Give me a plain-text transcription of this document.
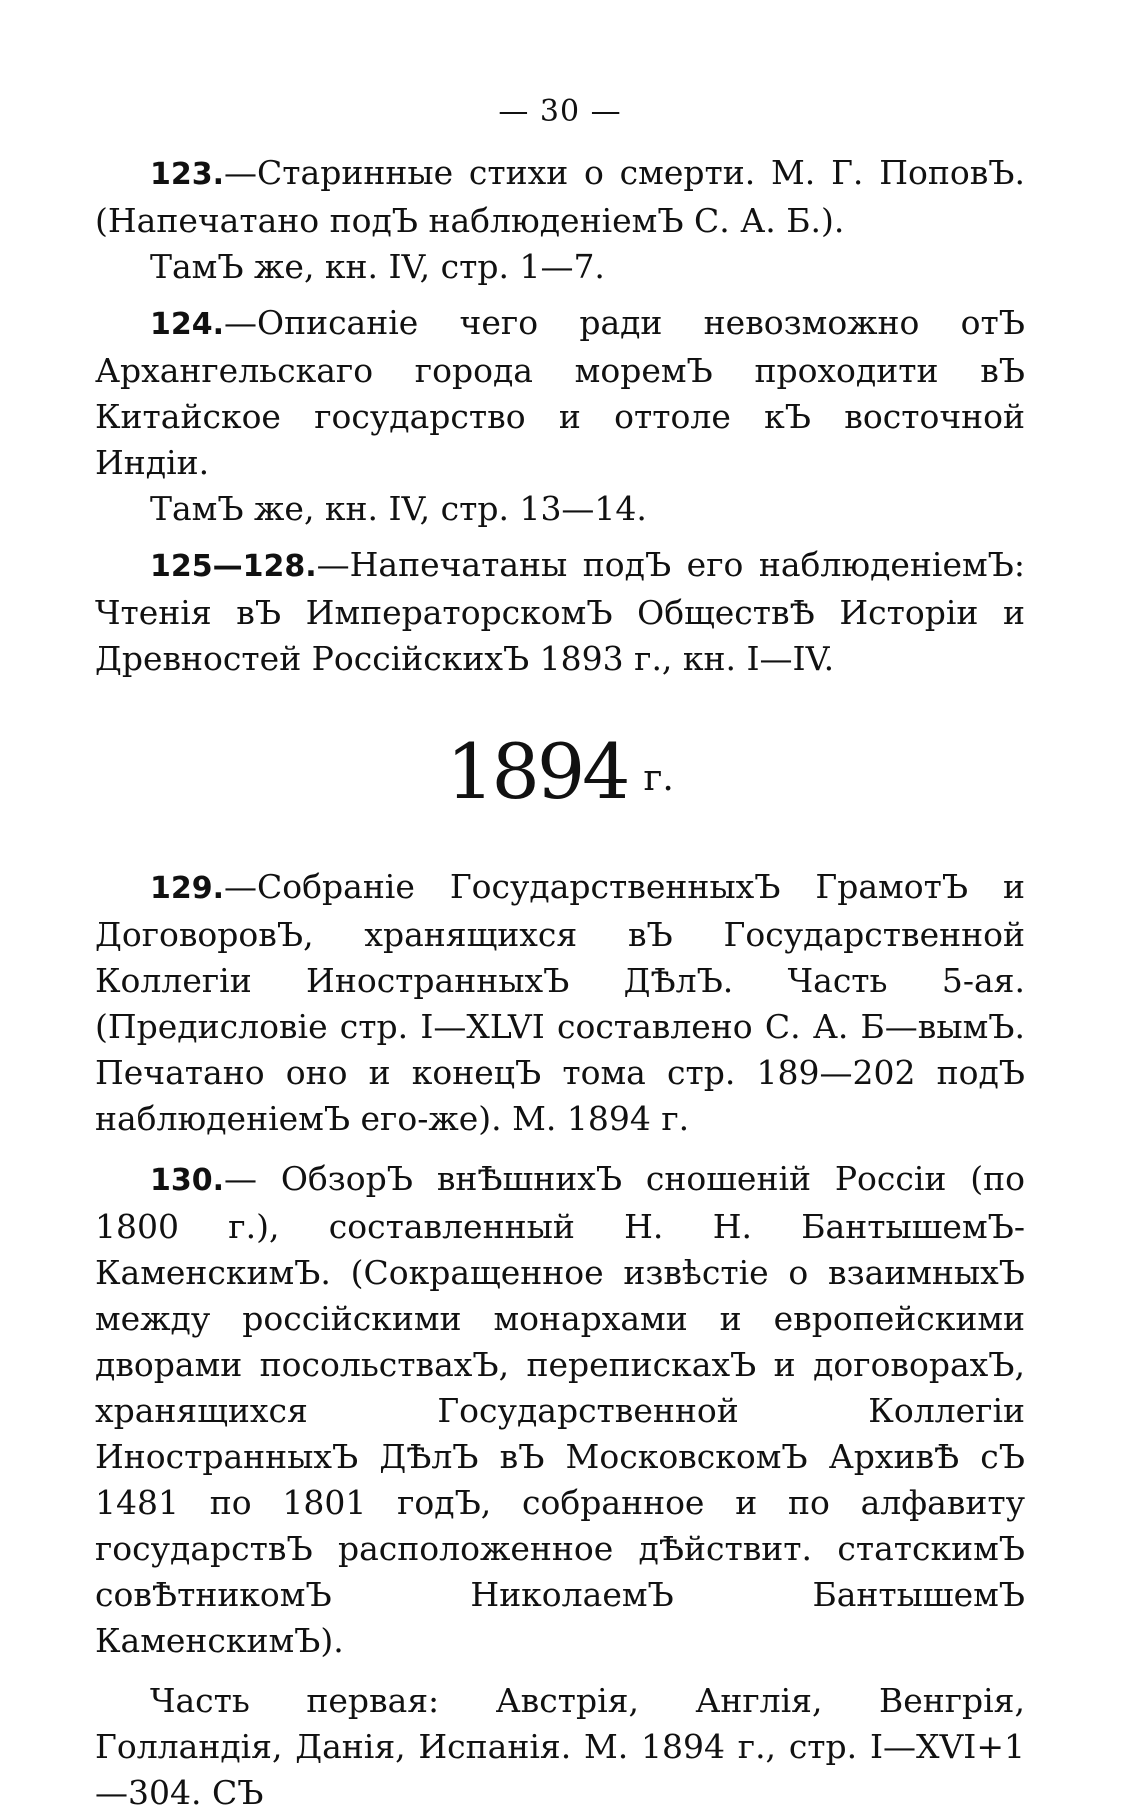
— 30 —

123.—Старинные стихи о смерти. М. Г. ПоповЪ. (Напечатано подЪ наблюденіемЪ С. А. Б.).

ТамЪ же, кн. IV, стр. 1—7.

124.—Описаніе чего ради невозможно отЪ Архангельскаго города моремЪ проходити вЪ Китайское государство и оттоле кЪ восточной Индіи.

ТамЪ же, кн. IV, стр. 13—14.

125—128.—Напечатаны подЪ его наблюденіемЪ: Чтенія вЪ ИмператорскомЪ ОбществѢ Исторіи и Древностей РоссійскихЪ 1893 г., кн. I—IV.

1894 г.

129.—Собраніе ГосударственныхЪ ГрамотЪ и ДоговоровЪ, хранящихся вЪ Государственной Коллегіи ИностранныхЪ ДѢлЪ. Часть 5-ая. (Предисловіе стр. I—XLVI составлено С. А. Б—вымЪ. Печатано оно и конецЪ тома стр. 189—202 подЪ наблюденіемЪ его-же). М. 1894 г.

130.— ОбзорЪ внѢшнихЪ сношеній Россіи (по 1800 г.), составленный Н. Н. БантышемЪ-КаменскимЪ. (Сокращенное извѣстіе о взаимныхЪ между россійскими монархами и европейскими дворами посольствахЪ, перепискахЪ и договорахЪ, хранящихся Государственной Коллегіи ИностранныхЪ ДѢлЪ вЪ МосковскомЪ АрхивѢ сЪ 1481 по 1801 годЪ, собранное и по алфавиту государствЪ расположенное дѢйствит. статскимЪ совѢтникомЪ НиколаемЪ БантышемЪ КаменскимЪ).

Часть первая: Австрія, Англія, Венгрія, Голландія, Данія, Испанія. М. 1894 г., стр. I—XVI+1—304. СЪ
